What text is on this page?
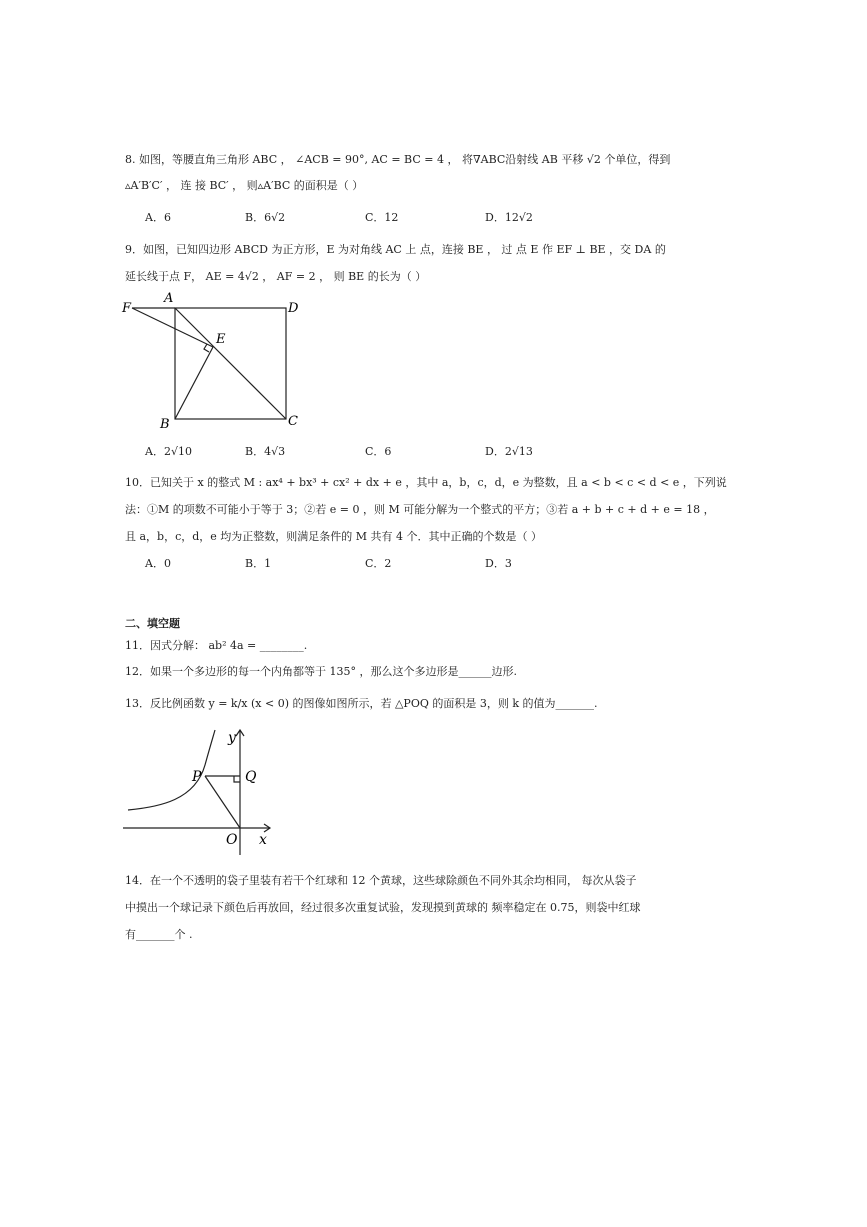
8. 如图，等腰直角三角形 ABC ， ∠ACB = 90°, AC = BC = 4 ， 将∇ABC沿射线 AB 平移 √2 个单位，得到
▵A′B′C′ ， 连 接 BC′ ， 则▵A′BC 的面积是（ ）
A．6	B．6√2	C．12	D．12√2
9．如图，已知四边形 ABCD 为正方形，E 为对角线 AC 上 点，连接 BE ， 过 点 E 作 EF ⊥ BE ，交 DA 的
延长线于点 F， AE = 4√2 ， AF = 2 ， 则 BE 的长为（ ）
F
A
D
E
B	C
A．2√10	B．4√3	C．6	D．2√13
10．已知关于 x 的整式 M : ax⁴ + bx³ + cx² + dx + e ，其中 a，b，c，d，e 为整数，且 a < b < c < d < e ，下列说
法：①M 的项数不可能小于等于 3；②若 e = 0 ，则 M 可能分解为一个整式的平方；③若 a + b + c + d + e = 18 ，
且 a，b，c，d，e 均为正整数，则满足条件的 M 共有 4 个．其中正确的个数是（ ）
A．0	B．1	C．2	D．3
二、填空题
11．因式分解： ab² 4a = ________.
12．如果一个多边形的每一个内角都等于 135° ，那么这个多边形是______边形.
13．反比例函数 y = k/x (x < 0) 的图像如图所示，若 △POQ 的面积是 3，则 k 的值为_______.
P	Q
y
O x
14．在一个不透明的袋子里装有若干个红球和 12 个黄球，这些球除颜色不同外其余均相同， 每次从袋子
中摸出一个球记录下颜色后再放回，经过很多次重复试验，发现摸到黄球的 频率稳定在 0.75，则袋中红球
有_______个 .
